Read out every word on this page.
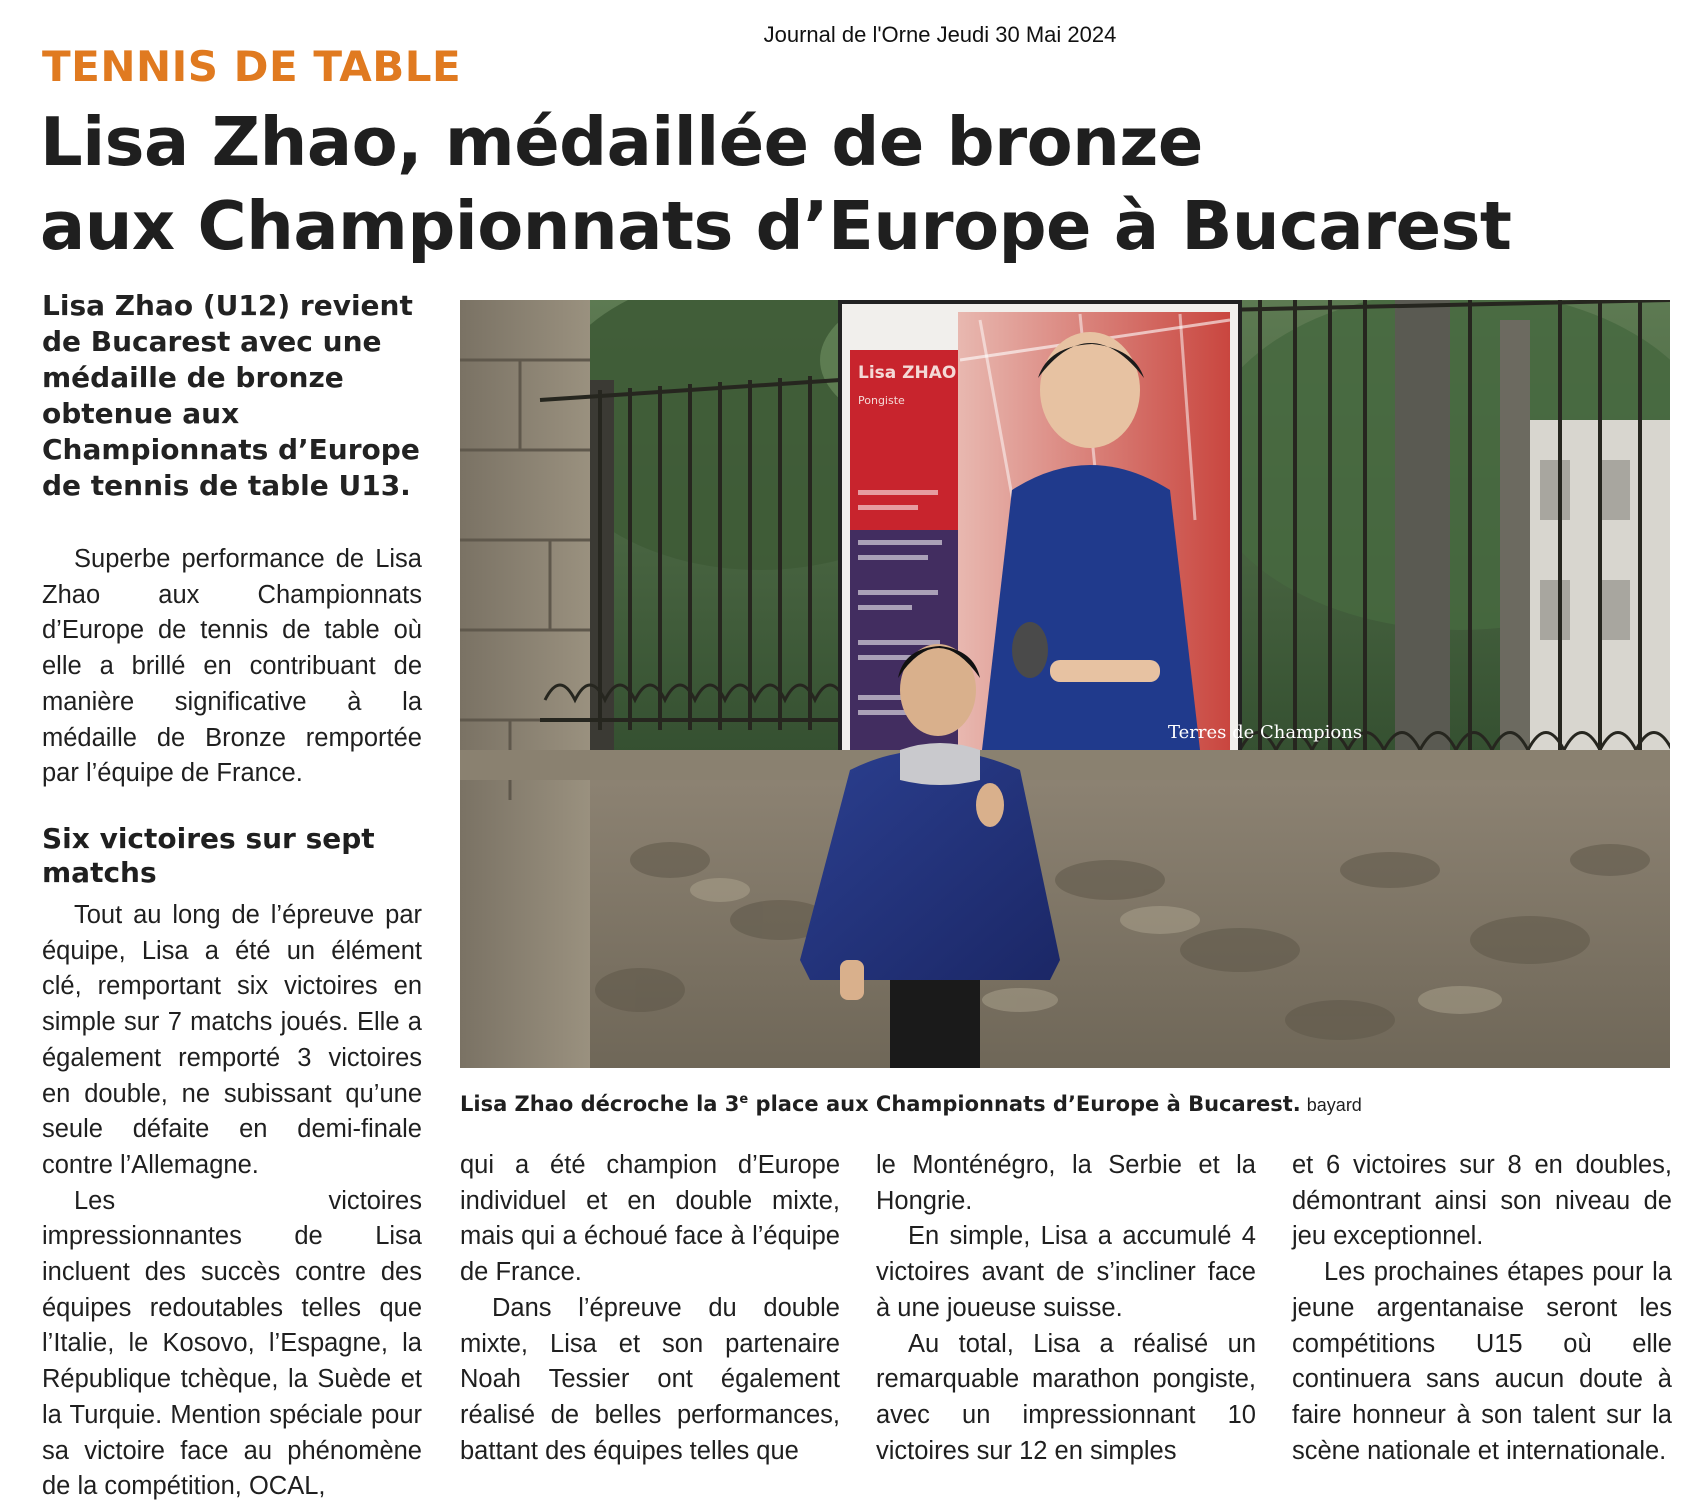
Journal de l'Orne Jeudi 30 Mai 2024
TENNIS DE TABLE
Lisa Zhao, médaillée de bronze
aux Championnats d’Europe à Bucarest
Lisa Zhao (U12) revient de Bucarest avec une médaille de bronze obtenue aux Championnats d’Europe de tennis de table U13.

Superbe performance de Lisa Zhao aux Championnats d’Europe de tennis de table où elle a brillé en contribuant de manière significative à la médaille de Bronze remportée par l’équipe de France.

Six victoires sur sept matchs

Tout au long de l’épreuve par équipe, Lisa a été un élément clé, remportant six victoires en simple sur 7 matchs joués. Elle a également remporté 3 victoires en double, ne subissant qu’une seule défaite en demi-finale contre l’Allemagne.

Les victoires impressionnantes de Lisa incluent des succès contre des équipes redoutables telles que l’Italie, le Kosovo, l’Espagne, la République tchèque, la Suède et la Turquie. Mention spéciale pour sa victoire face au phénomène de la compétition, OCAL,

Terres de Champions
Lisa ZHAO
Pongiste
Lisa Zhao décroche la 3e place aux Championnats d’Europe à Bucarest. bayard

qui a été champion d’Europe individuel et en double mixte, mais qui a échoué face à l’équipe de France.

Dans l’épreuve du double mixte, Lisa et son partenaire Noah Tessier ont également réalisé de belles performances, battant des équipes telles que

le Monténégro, la Serbie et la Hongrie.

En simple, Lisa a accumulé 4 victoires avant de s’incliner face à une joueuse suisse.

Au total, Lisa a réalisé un remarquable marathon pongiste, avec un impressionnant 10 victoires sur 12 en simples

et 6 victoires sur 8 en doubles, démontrant ainsi son niveau de jeu exceptionnel.

Les prochaines étapes pour la jeune argentanaise seront les compétitions U15 où elle continuera sans aucun doute à faire honneur à son talent sur la scène nationale et internationale.
